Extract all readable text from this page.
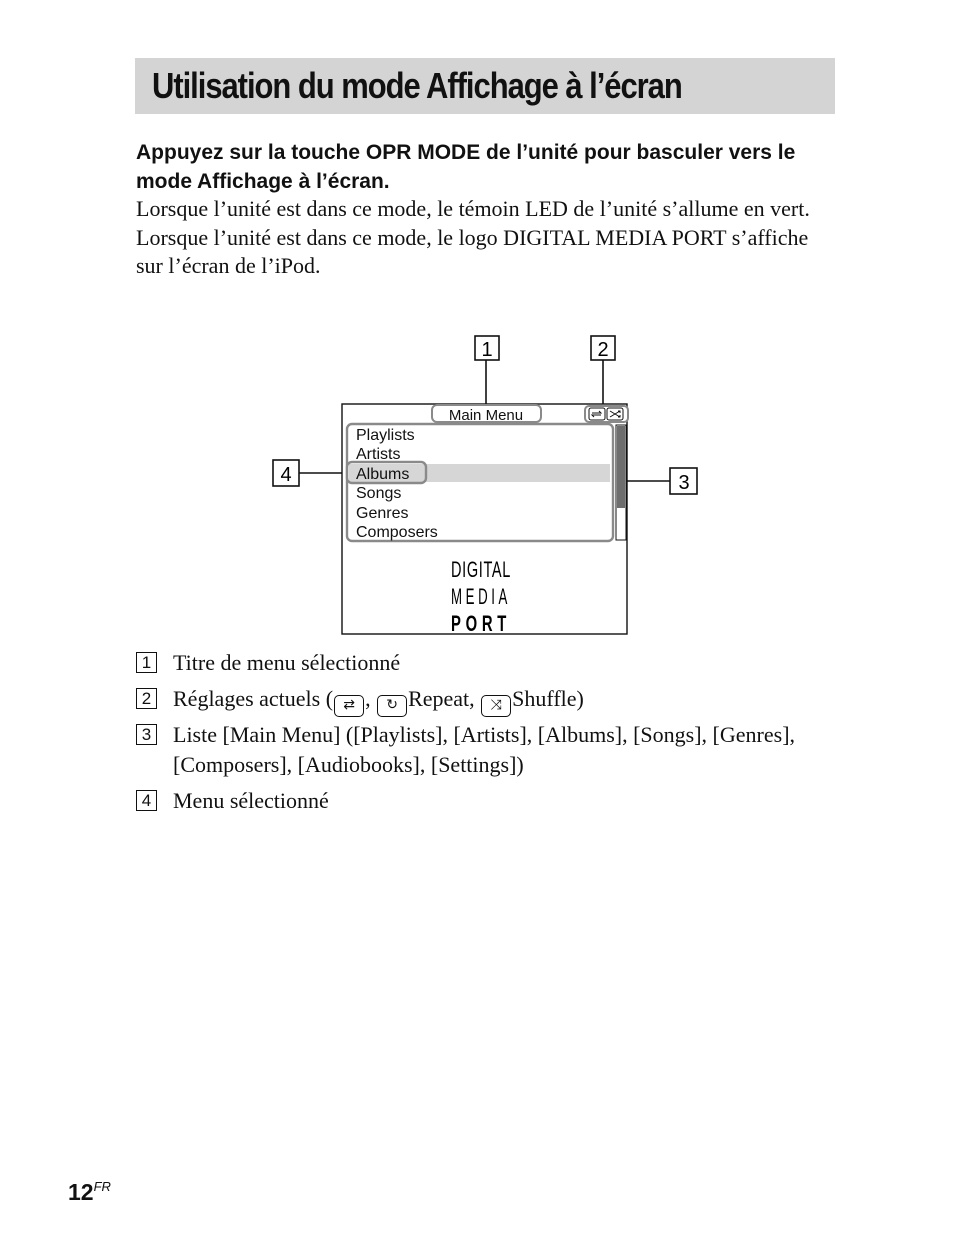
Utilisation du mode Affichage à l’écran
Appuyez sur la touche OPR MODE de l’unité pour basculer vers le mode Affichage à l’écran.

Lorsque l’unité est dans ce mode, le témoin LED de l’unité s’allume en vert.

Lorsque l’unité est dans ce mode, le logo DIGITAL MEDIA PORT s’affiche sur l’écran de l’iPod.

1	2
3
4
Main Menu
Playlists
Artists
Albums
Songs
Genres
Composers
DIGITAL
MEDIA
PORT
1 Titre de menu sélectionné
2 Réglages actuels ( ⇄ , ↻ Repeat, ⤨ Shuffle)
3 Liste [Main Menu] ([Playlists], [Artists], [Albums], [Songs], [Genres], [Composers], [Audiobooks], [Settings])
4 Menu sélectionné
$12^{FR}$
